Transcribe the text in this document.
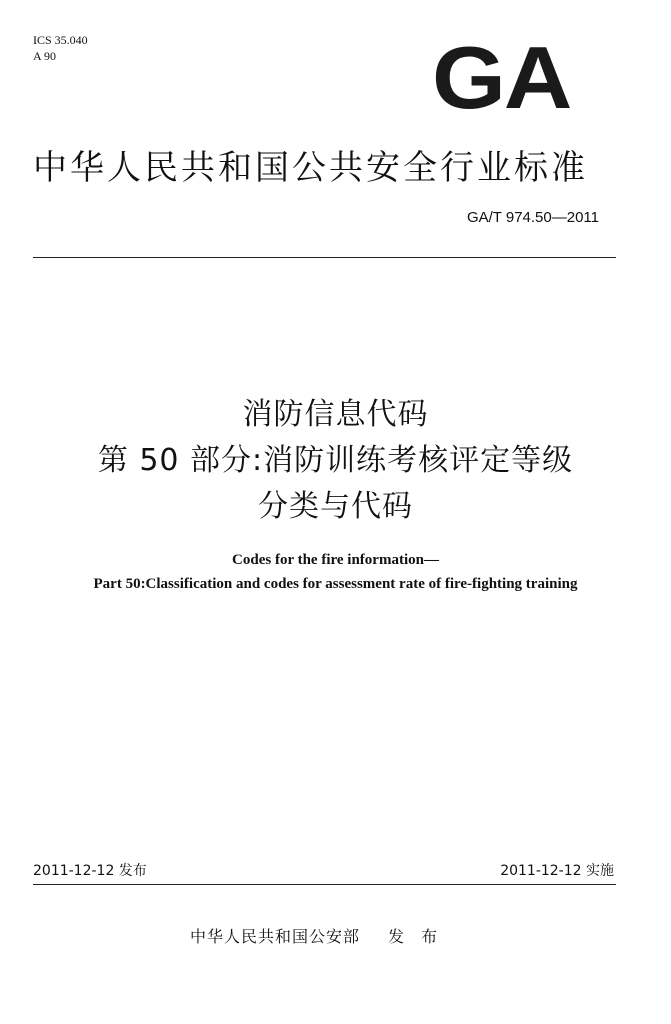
ICS 35.040
A 90	GA
中华人民共和国公共安全行业标准
GA/T 974.50—2011
消防信息代码
第 50 部分:消防训练考核评定等级
分类与代码
Codes for the fire information—
Part 50:Classification and codes for assessment rate of fire-fighting training
2011-12-12 发布	2011-12-12 实施
中华人民共和国公安部 发 布
